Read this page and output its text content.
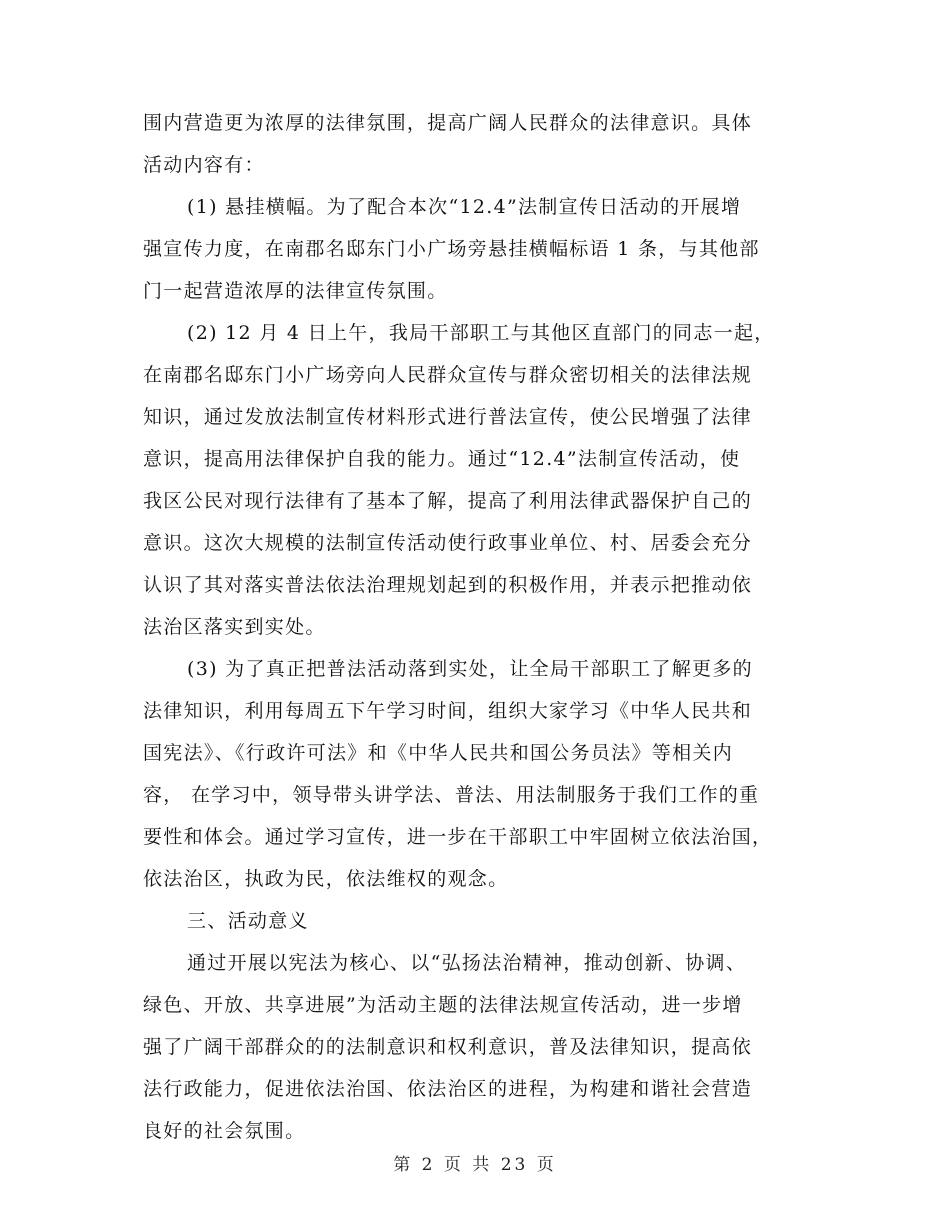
围内营造更为浓厚的法律氛围，提高广阔人民群众的法律意识。具体
活动内容有：
(1) 悬挂横幅。为了配合本次“12.4”法制宣传日活动的开展增
强宣传力度，在南郡名邸东门小广场旁悬挂横幅标语 1 条，与其他部
门一起营造浓厚的法律宣传氛围。
(2) 12 月 4 日上午，我局干部职工与其他区直部门的同志一起，
在南郡名邸东门小广场旁向人民群众宣传与群众密切相关的法律法规
知识，通过发放法制宣传材料形式进行普法宣传，使公民增强了法律
意识，提高用法律保护自我的能力。通过“12.4”法制宣传活动，使
我区公民对现行法律有了基本了解，提高了利用法律武器保护自己的
意识。这次大规模的法制宣传活动使行政事业单位、村、居委会充分
认识了其对落实普法依法治理规划起到的积极作用，并表示把推动依
法治区落实到实处。
(3) 为了真正把普法活动落到实处，让全局干部职工了解更多的
法律知识，利用每周五下午学习时间，组织大家学习《中华人民共和
国宪法》、《行政许可法》和《中华人民共和国公务员法》等相关内
容， 在学习中，领导带头讲学法、普法、用法制服务于我们工作的重
要性和体会。通过学习宣传，进一步在干部职工中牢固树立依法治国，
依法治区，执政为民，依法维权的观念。
三、活动意义
通过开展以宪法为核心、以“弘扬法治精神，推动创新、协调、
绿色、开放、共享进展”为活动主题的法律法规宣传活动，进一步增
强了广阔干部群众的的法制意识和权利意识，普及法律知识，提高依
法行政能力，促进依法治国、依法治区的进程，为构建和谐社会营造
良好的社会氛围。
第 2 页 共 23 页
